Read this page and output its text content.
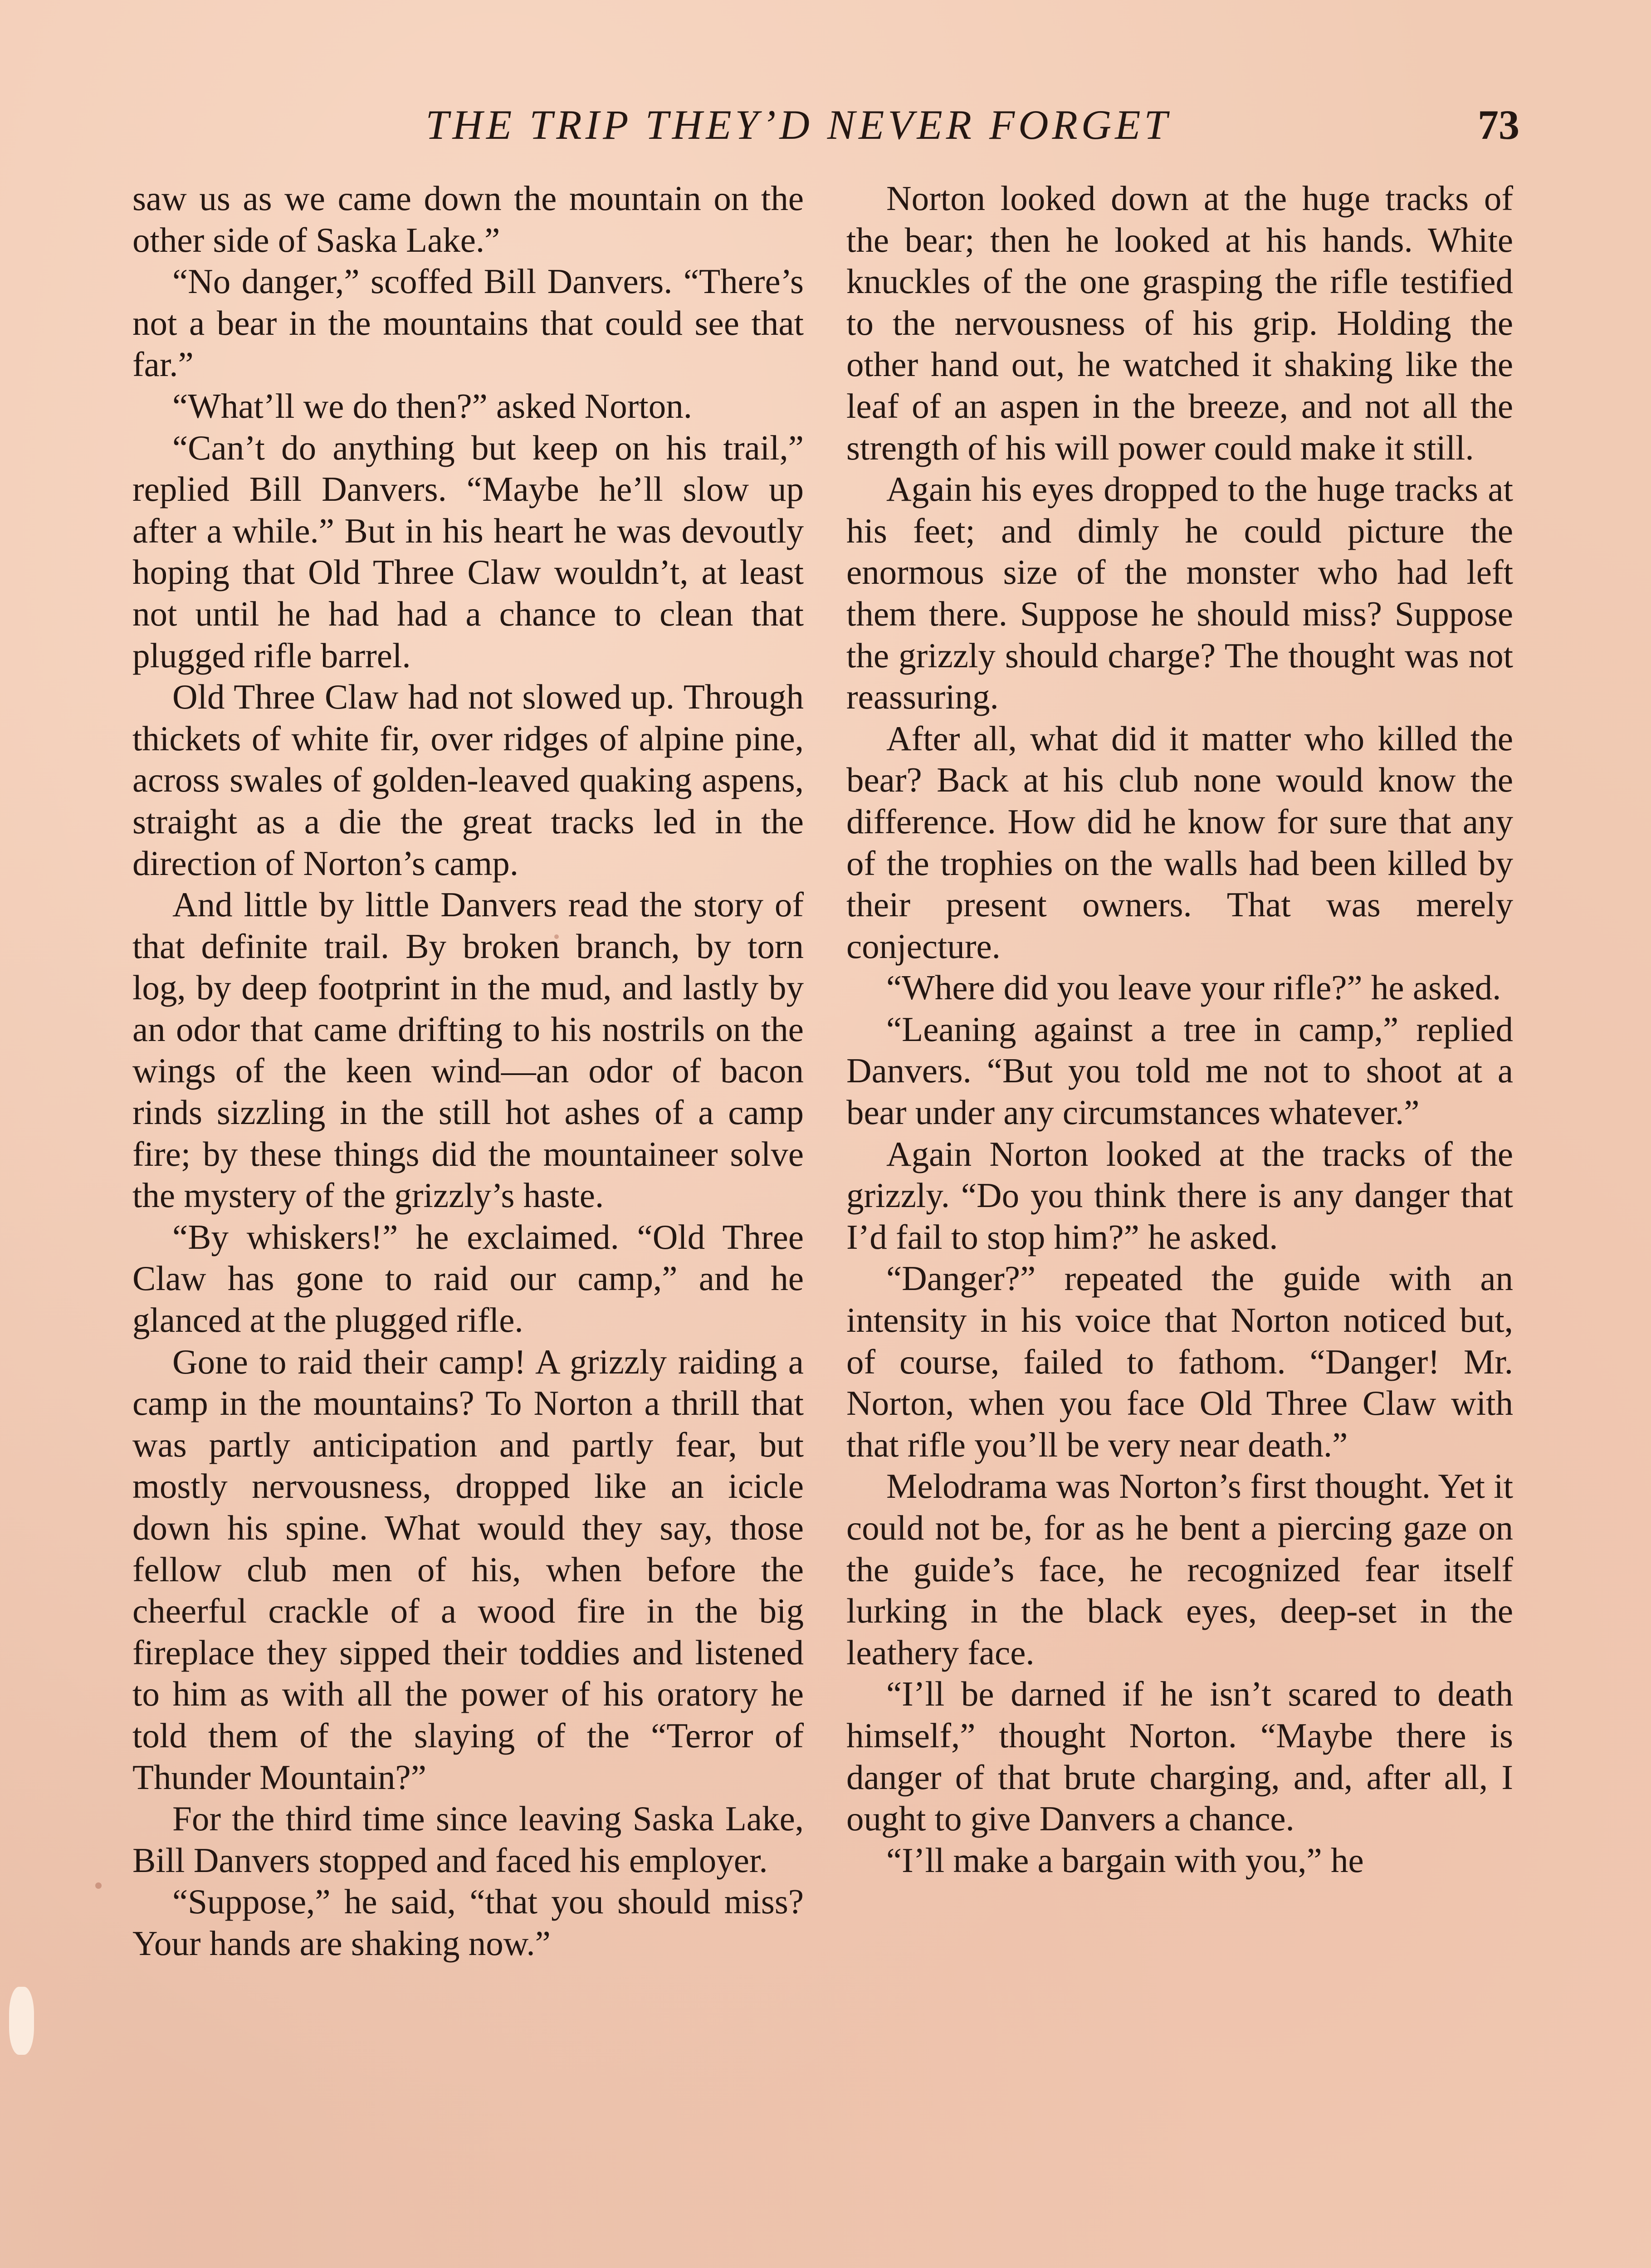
THE TRIP THEY’D NEVER FORGET	73

saw us as we came down the mountain on the other side of Saska Lake.”

“No danger,” scoffed Bill Danvers. “There’s not a bear in the mountains that could see that far.”

“What’ll we do then?” asked Norton.

“Can’t do anything but keep on his trail,” replied Bill Danvers. “Maybe he’ll slow up after a while.” But in his heart he was devoutly hoping that Old Three Claw wouldn’t, at least not until he had had a chance to clean that plugged rifle barrel.

Old Three Claw had not slowed up. Through thickets of white fir, over ridges of alpine pine, across swales of golden-leaved quaking aspens, straight as a die the great tracks led in the direction of Norton’s camp.

And little by little Danvers read the story of that definite trail. By broken branch, by torn log, by deep footprint in the mud, and lastly by an odor that came drifting to his nostrils on the wings of the keen wind—an odor of bacon rinds sizzling in the still hot ashes of a camp fire; by these things did the mountaineer solve the mystery of the grizzly’s haste.

“By whiskers!” he exclaimed. “Old Three Claw has gone to raid our camp,” and he glanced at the plugged rifle.

Gone to raid their camp! A grizzly raiding a camp in the mountains? To Norton a thrill that was partly anticipation and partly fear, but mostly nervousness, dropped like an icicle down his spine. What would they say, those fellow club men of his, when before the cheerful crackle of a wood fire in the big fireplace they sipped their toddies and listened to him as with all the power of his oratory he told them of the slaying of the “Terror of Thunder Mountain?”

For the third time since leaving Saska Lake, Bill Danvers stopped and faced his employer.

“Suppose,” he said, “that you should miss? Your hands are shaking now.”

Norton looked down at the huge tracks of the bear; then he looked at his hands. White knuckles of the one grasping the rifle testified to the nervousness of his grip. Holding the other hand out, he watched it shaking like the leaf of an aspen in the breeze, and not all the strength of his will power could make it still.

Again his eyes dropped to the huge tracks at his feet; and dimly he could picture the enormous size of the monster who had left them there. Suppose he should miss? Suppose the grizzly should charge? The thought was not reassuring.

After all, what did it matter who killed the bear? Back at his club none would know the difference. How did he know for sure that any of the trophies on the walls had been killed by their present owners. That was merely conjecture.

“Where did you leave your rifle?” he asked.

“Leaning against a tree in camp,” replied Danvers. “But you told me not to shoot at a bear under any circumstances whatever.”

Again Norton looked at the tracks of the grizzly. “Do you think there is any danger that I’d fail to stop him?” he asked.

“Danger?” repeated the guide with an intensity in his voice that Norton noticed but, of course, failed to fathom. “Danger! Mr. Norton, when you face Old Three Claw with that rifle you’ll be very near death.”

Melodrama was Norton’s first thought. Yet it could not be, for as he bent a piercing gaze on the guide’s face, he recognized fear itself lurking in the black eyes, deep-set in the leathery face.

“I’ll be darned if he isn’t scared to death himself,” thought Norton. “Maybe there is danger of that brute charging, and, after all, I ought to give Danvers a chance.

“I’ll make a bargain with you,” he
